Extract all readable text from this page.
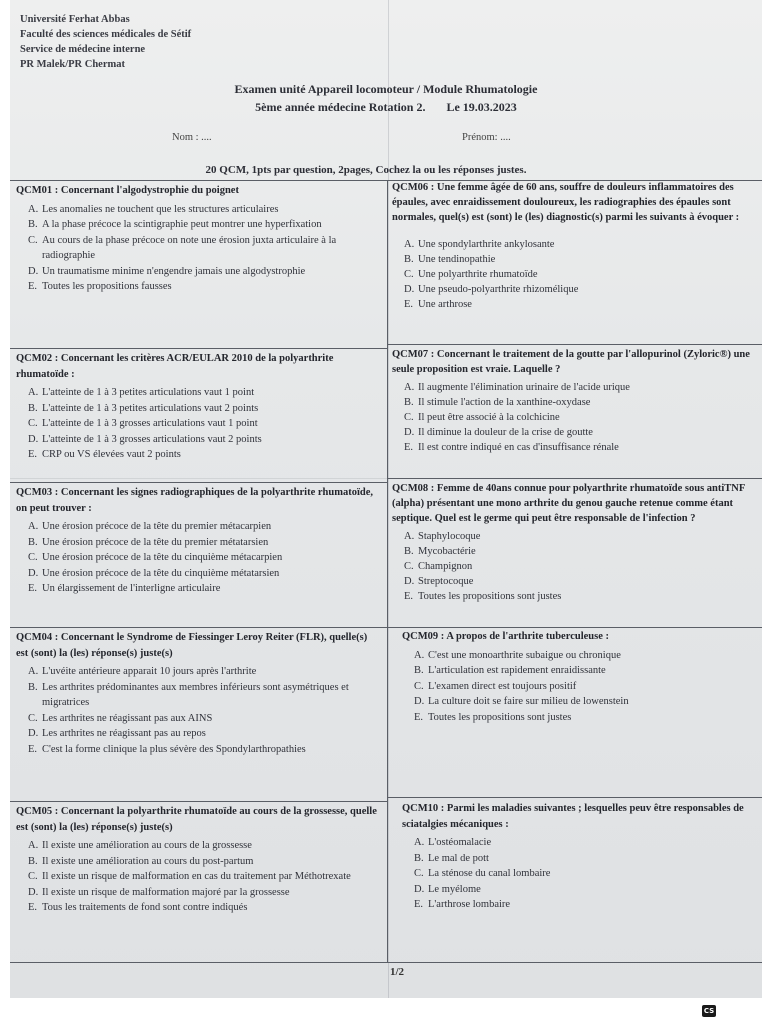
Université Ferhat Abbas
Faculté des sciences médicales de Sétif
Service de médecine interne
PR Malek/PR Chermat
Examen unité Appareil locomoteur / Module Rhumatologie
5ème année médecine Rotation 2.       Le 19.03.2023
Nom : ....	Prénom: ....
20 QCM, 1pts par question, 2pages, Cochez la ou les réponses justes.
QCM01 : Concernant l'algodystrophie du poignet
A. Les anomalies ne touchent que les structures articulaires
B. A la phase précoce la scintigraphie peut montrer une hyperfixation
C. Au cours de la phase précoce on note une érosion juxta articulaire à la radiographie
D. Un traumatisme minime n'engendre jamais une algodystrophie
E. Toutes les propositions fausses
QCM02 : Concernant les critères ACR/EULAR 2010 de la polyarthrite rhumatoïde :
A. L'atteinte de 1 à 3 petites articulations vaut 1 point
B. L'atteinte de 1 à 3 petites articulations vaut 2 points
C. L'atteinte de 1 à 3 grosses articulations vaut 1 point
D. L'atteinte de 1 à 3 grosses articulations vaut 2 points
E. CRP ou VS élevées vaut 2 points
QCM03 : Concernant les signes radiographiques de la polyarthrite rhumatoïde, on peut trouver :
A. Une érosion précoce de la tête du premier métacarpien
B. Une érosion précoce de la tête du premier métatarsien
C. Une érosion précoce de la tête du cinquième métacarpien
D. Une érosion précoce de la tête du cinquième métatarsien
E. Un élargissement de l'interligne articulaire
QCM04 : Concernant le Syndrome de Fiessinger Leroy Reiter (FLR), quelle(s) est (sont) la (les) réponse(s) juste(s)
A. L'uvéite antérieure apparait 10 jours après l'arthrite
B. Les arthrites prédominantes aux membres inférieurs sont asymétriques et migratrices
C. Les arthrites ne réagissant pas aux AINS
D. Les arthrites ne réagissant pas au repos
E. C'est la forme clinique la plus sévère des Spondylarthropathies
QCM05 : Concernant la polyarthrite rhumatoïde au cours de la grossesse, quelle est (sont) la (les) réponse(s) juste(s)
A. Il existe une amélioration au cours de la grossesse
B. Il existe une amélioration au cours du post-partum
C. Il existe un risque de malformation en cas du traitement par Méthotrexate
D. Il existe un risque de malformation majoré par la grossesse
E. Tous les traitements de fond sont contre indiqués
QCM06 : Une femme âgée de 60 ans, souffre de douleurs inflammatoires des épaules, avec enraidissement douloureux, les radiographies des épaules sont normales, quel(s) est (sont) le (les) diagnostic(s) parmi les suivants à évoquer :
A. Une spondylarthrite ankylosante
B. Une tendinopathie
C. Une polyarthrite rhumatoïde
D. Une pseudo-polyarthrite rhizomélique
E. Une arthrose
QCM07 : Concernant le traitement de la goutte par l'allopurinol (Zyloric®) une seule proposition est vraie. Laquelle ?
A. Il augmente l'élimination urinaire de l'acide urique
B. Il stimule l'action de la xanthine-oxydase
C. Il peut être associé à la colchicine
D. Il diminue la douleur de la crise de goutte
E. Il est contre indiqué en cas d'insuffisance rénale
QCM08 : Femme de 40ans connue pour polyarthrite rhumatoïde sous antiTNF (alpha) présentant une mono arthrite du genou gauche retenue comme étant septique. Quel est le germe qui peut être responsable de l'infection ?
A. Staphylocoque
B. Mycobactérie
C. Champignon
D. Streptocoque
E. Toutes les propositions sont justes
QCM09 : A propos de l'arthrite tuberculeuse :
A. C'est une monoarthrite subaigue ou chronique
B. L'articulation est rapidement enraidissante
C. L'examen direct est toujours positif
D. La culture doit se faire sur milieu de lowenstein
E. Toutes les propositions sont justes
QCM10 : Parmi les maladies suivantes ; lesquelles peuv être responsables de sciatalgies mécaniques :
A. L'ostéomalacie
B. Le mal de pott
C. La sténose du canal lombaire
D. Le myélome
E. L'arthrose lombaire
1/2
CS
